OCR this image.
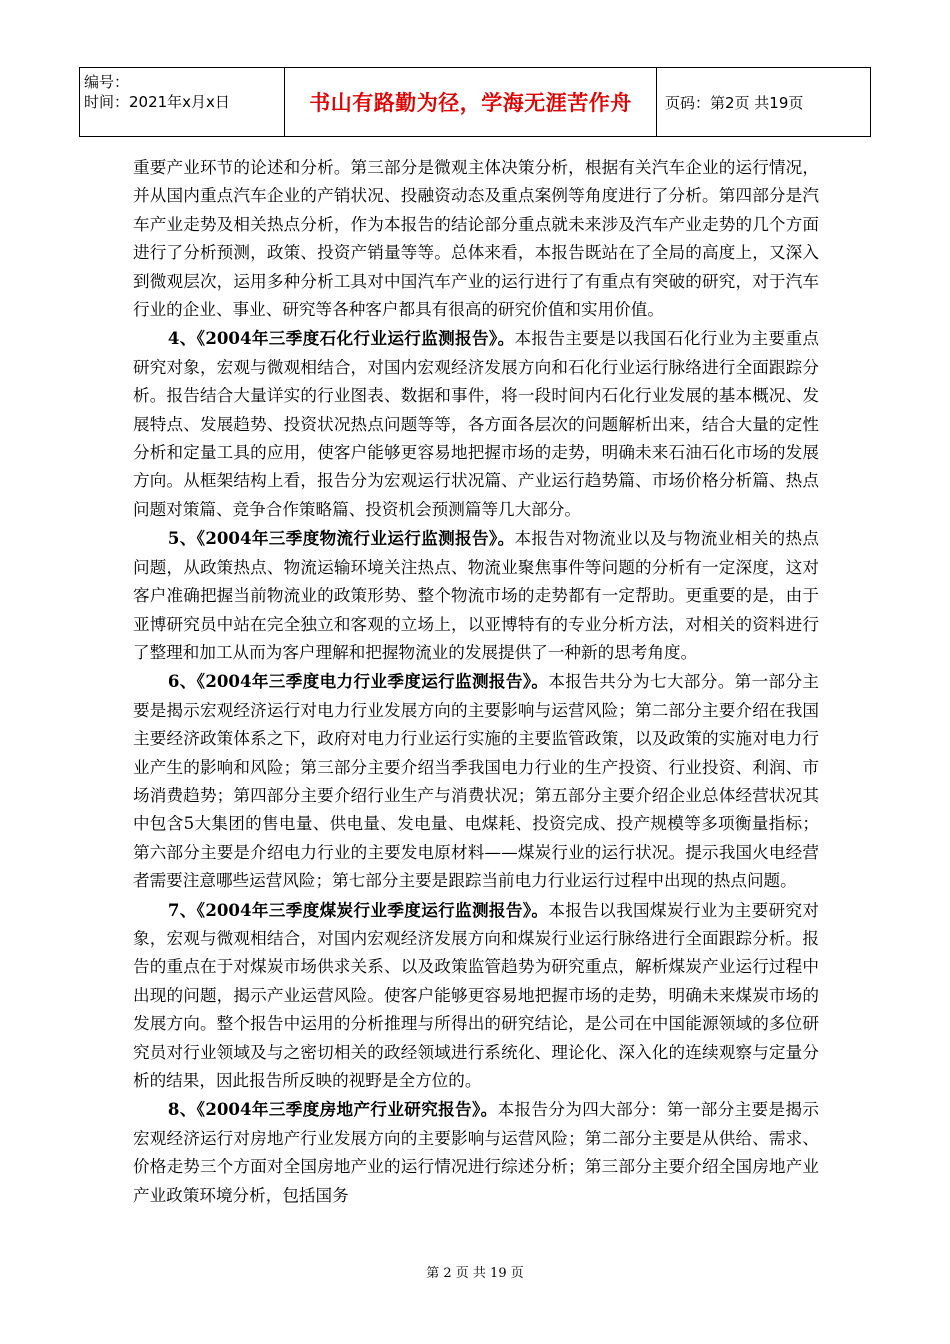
编号：
时间：2021年x月x日	书山有路勤为径，学海无涯苦作舟 页码：第2页 共19页

重要产业环节的论述和分析。第三部分是微观主体决策分析，根据有关汽车企业的运行情况，并从国内重点汽车企业的产销状况、投融资动态及重点案例等角度进行了分析。第四部分是汽车产业走势及相关热点分析，作为本报告的结论部分重点就未来涉及汽车产业走势的几个方面进行了分析预测，政策、投资产销量等等。总体来看，本报告既站在了全局的高度上，又深入到微观层次，运用多种分析工具对中国汽车产业的运行进行了有重点有突破的研究，对于汽车行业的企业、事业、研究等各种客户都具有很高的研究价值和实用价值。

4、《2004年三季度石化行业运行监测报告》。本报告主要是以我国石化行业为主要重点研究对象，宏观与微观相结合，对国内宏观经济发展方向和石化行业运行脉络进行全面跟踪分析。报告结合大量详实的行业图表、数据和事件，将一段时间内石化行业发展的基本概况、发展特点、发展趋势、投资状况热点问题等等，各方面各层次的问题解析出来，结合大量的定性分析和定量工具的应用，使客户能够更容易地把握市场的走势，明确未来石油石化市场的发展方向。从框架结构上看，报告分为宏观运行状况篇、产业运行趋势篇、市场价格分析篇、热点问题对策篇、竞争合作策略篇、投资机会预测篇等几大部分。

5、《2004年三季度物流行业运行监测报告》。本报告对物流业以及与物流业相关的热点问题，从政策热点、物流运输环境关注热点、物流业聚焦事件等问题的分析有一定深度，这对客户准确把握当前物流业的政策形势、整个物流市场的走势都有一定帮助。更重要的是，由于亚博研究员中站在完全独立和客观的立场上，以亚博特有的专业分析方法，对相关的资料进行了整理和加工从而为客户理解和把握物流业的发展提供了一种新的思考角度。

6、《2004年三季度电力行业季度运行监测报告》。本报告共分为七大部分。第一部分主要是揭示宏观经济运行对电力行业发展方向的主要影响与运营风险；第二部分主要介绍在我国主要经济政策体系之下，政府对电力行业运行实施的主要监管政策，以及政策的实施对电力行业产生的影响和风险；第三部分主要介绍当季我国电力行业的生产投资、行业投资、利润、市场消费趋势；第四部分主要介绍行业生产与消费状况；第五部分主要介绍企业总体经营状况其中包含5大集团的售电量、供电量、发电量、电煤耗、投资完成、投产规模等多项衡量指标；第六部分主要是介绍电力行业的主要发电原材料——煤炭行业的运行状况。提示我国火电经营者需要注意哪些运营风险；第七部分主要是跟踪当前电力行业运行过程中出现的热点问题。

7、《2004年三季度煤炭行业季度运行监测报告》。本报告以我国煤炭行业为主要研究对象，宏观与微观相结合，对国内宏观经济发展方向和煤炭行业运行脉络进行全面跟踪分析。报告的重点在于对煤炭市场供求关系、以及政策监管趋势为研究重点，解析煤炭产业运行过程中出现的问题，揭示产业运营风险。使客户能够更容易地把握市场的走势，明确未来煤炭市场的发展方向。整个报告中运用的分析推理与所得出的研究结论，是公司在中国能源领域的多位研究员对行业领域及与之密切相关的政经领域进行系统化、理论化、深入化的连续观察与定量分析的结果，因此报告所反映的视野是全方位的。

8、《2004年三季度房地产行业研究报告》。本报告分为四大部分：第一部分主要是揭示宏观经济运行对房地产行业发展方向的主要影响与运营风险；第二部分主要是从供给、需求、价格走势三个方面对全国房地产业的运行情况进行综述分析；第三部分主要介绍全国房地产业产业政策环境分析，包括国务

第 2 页 共 19 页
